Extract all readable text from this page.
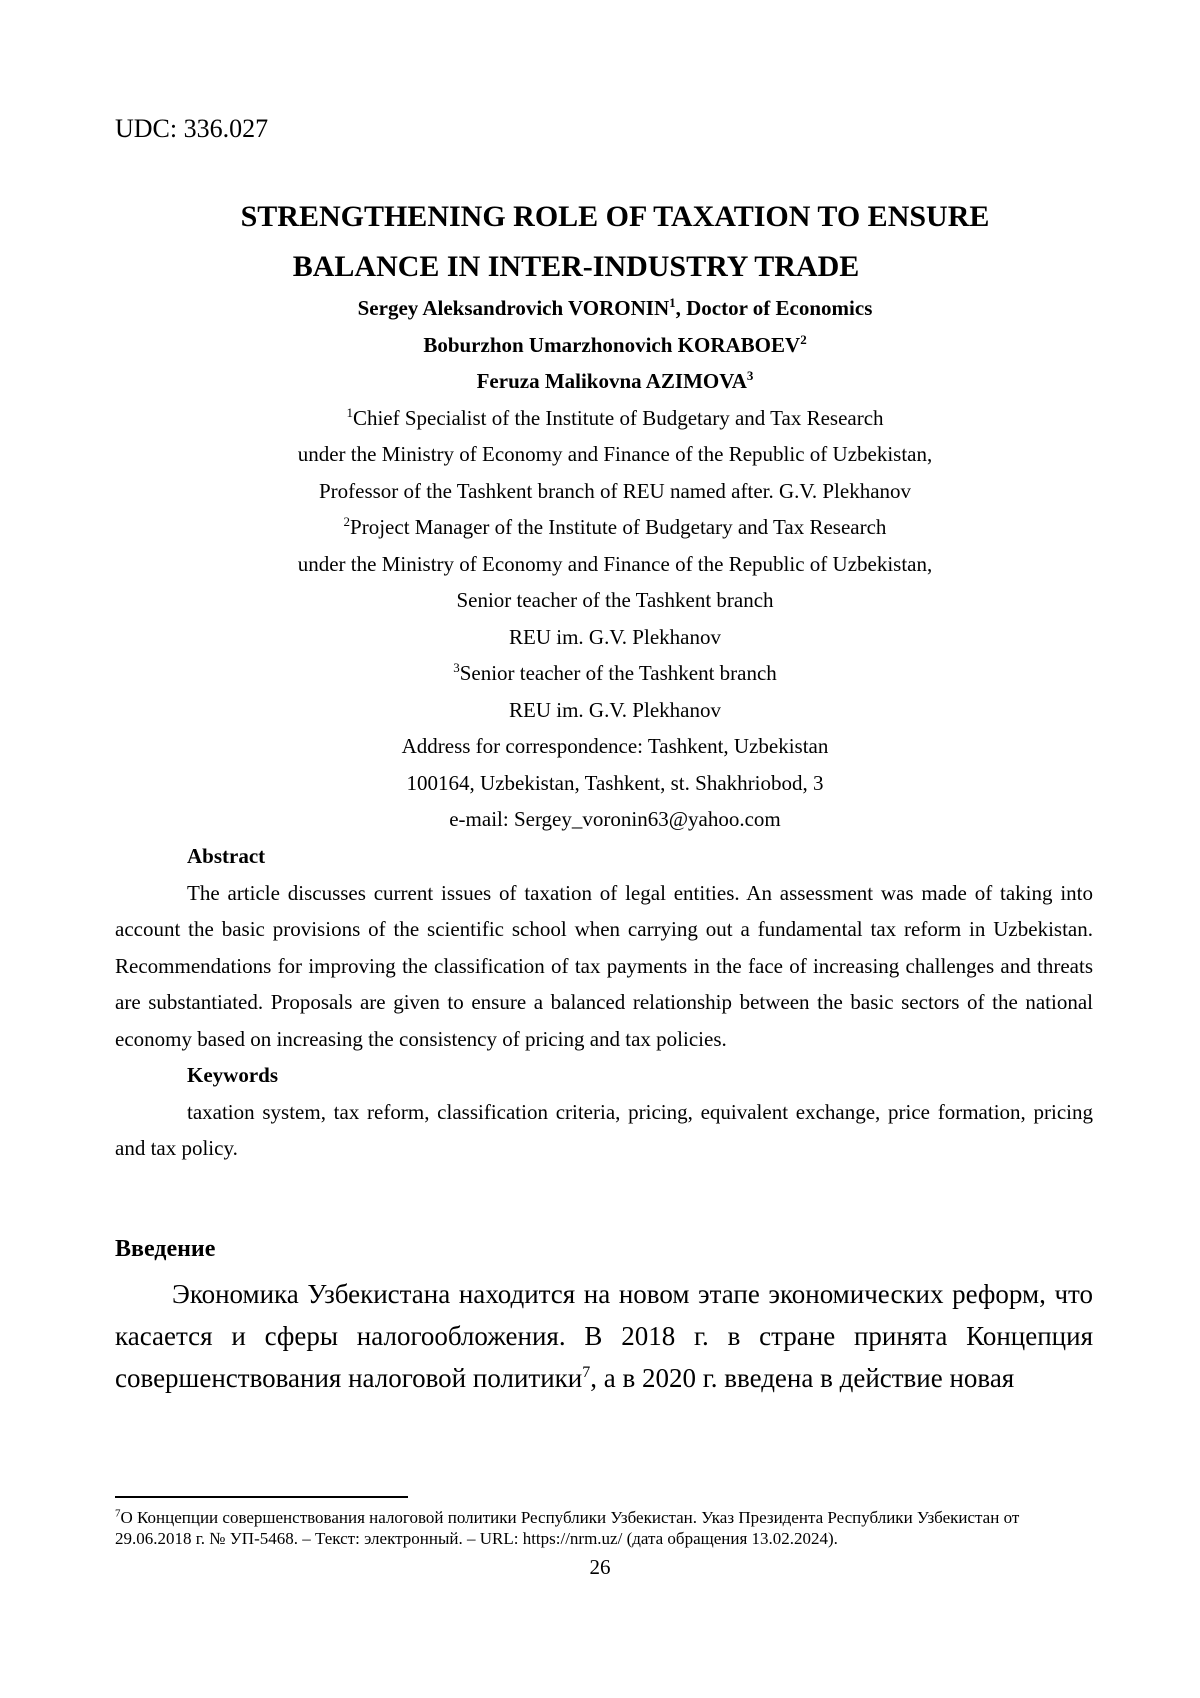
UDC: 336.027
STRENGTHENING ROLE OF TAXATION TO ENSURE
BALANCE IN INTER-INDUSTRY TRADE
Sergey Aleksandrovich VORONIN$^1$, Doctor of Economics
Boburzhon Umarzhonovich KORABOEV$^2$
Feruza Malikovna AZIMOVA$^3$
$^1$Chief Specialist of the Institute of Budgetary and Tax Research
under the Ministry of Economy and Finance of the Republic of Uzbekistan,
Professor of the Tashkent branch of REU named after. G.V. Plekhanov
$^2$Project Manager of the Institute of Budgetary and Tax Research
under the Ministry of Economy and Finance of the Republic of Uzbekistan,
Senior teacher of the Tashkent branch
REU im. G.V. Plekhanov
$^3$Senior teacher of the Tashkent branch
REU im. G.V. Plekhanov
Address for correspondence: Tashkent, Uzbekistan
100164, Uzbekistan, Tashkent, st. Shakhriobod, 3
e-mail: Sergey_voronin63@yahoo.com
Abstract

The article discusses current issues of taxation of legal entities. An assessment was made of taking into account the basic provisions of the scientific school when carrying out a fundamental tax reform in Uzbekistan. Recommendations for improving the classification of tax payments in the face of increasing challenges and threats are substantiated. Proposals are given to ensure a balanced relationship between the basic sectors of the national economy based on increasing the consistency of pricing and tax policies.

Keywords

taxation system, tax reform, classification criteria, pricing, equivalent exchange, price formation, pricing and tax policy.

Введение

Экономика Узбекистана находится на новом этапе экономических реформ, что касается и сферы налогообложения. В 2018 г. в стране принята Концепция совершенствования налоговой политики$^7$, а в 2020 г. введена в действие новая

$^7$О Концепции совершенствования налоговой политики Республики Узбекистан. Указ Президента Республики Узбекистан от 29.06.2018 г. № УП-5468. – Текст: электронный. – URL: https://nrm.uz/ (дата обращения 13.02.2024).

26
